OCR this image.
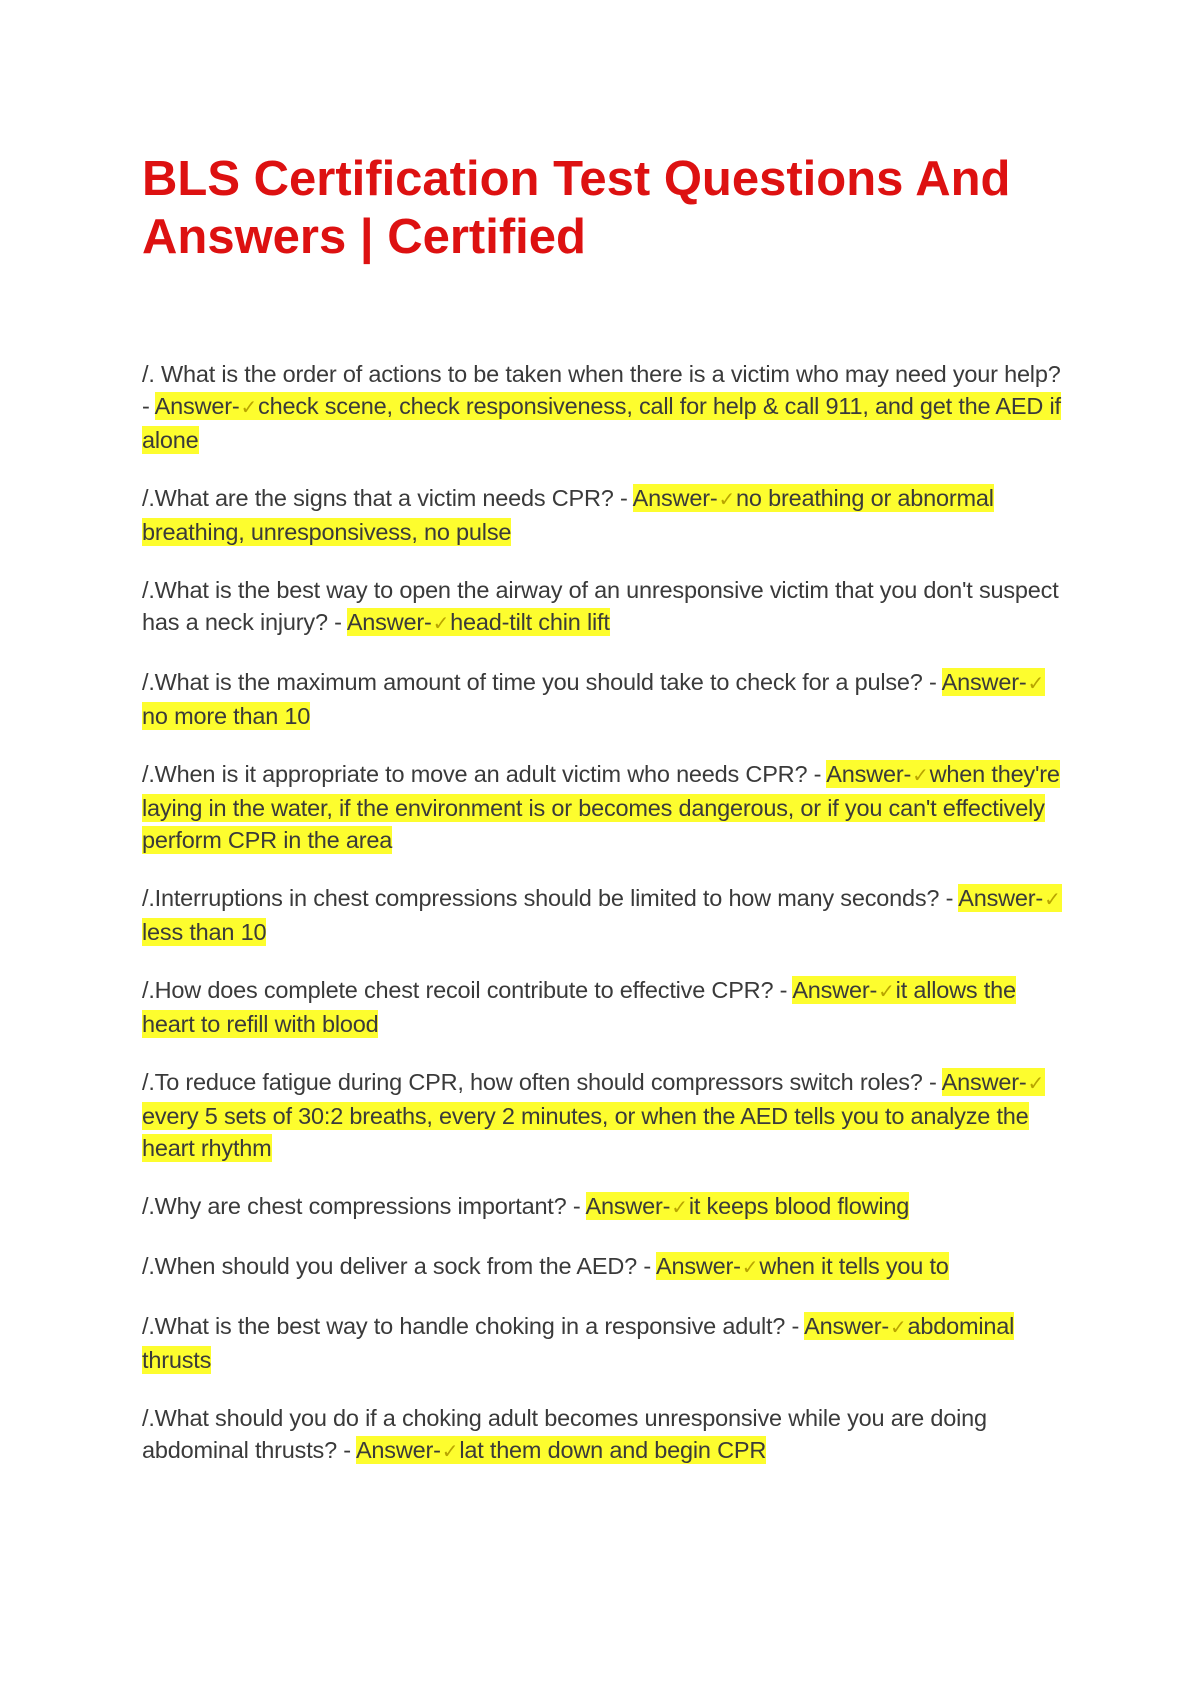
BLS Certification Test Questions And Answers | Certified
/. What is the order of actions to be taken when there is a victim who may need your help? - Answer-✓check scene, check responsiveness, call for help & call 911, and get the AED if alone
/.What are the signs that a victim needs CPR? - Answer-✓no breathing or abnormal breathing, unresponsivess, no pulse
/.What is the best way to open the airway of an unresponsive victim that you don't suspect has a neck injury? - Answer-✓head-tilt chin lift
/.What is the maximum amount of time you should take to check for a pulse? - Answer-✓no more than 10
/.When is it appropriate to move an adult victim who needs CPR? - Answer-✓when they're laying in the water, if the environment is or becomes dangerous, or if you can't effectively perform CPR in the area
/.Interruptions in chest compressions should be limited to how many seconds? - Answer-✓less than 10
/.How does complete chest recoil contribute to effective CPR? - Answer-✓it allows the heart to refill with blood
/.To reduce fatigue during CPR, how often should compressors switch roles? - Answer-✓every 5 sets of 30:2 breaths, every 2 minutes, or when the AED tells you to analyze the heart rhythm
/.Why are chest compressions important? - Answer-✓it keeps blood flowing
/.When should you deliver a sock from the AED? - Answer-✓when it tells you to
/.What is the best way to handle choking in a responsive adult? - Answer-✓abdominal thrusts
/.What should you do if a choking adult becomes unresponsive while you are doing abdominal thrusts? - Answer-✓lat them down and begin CPR
